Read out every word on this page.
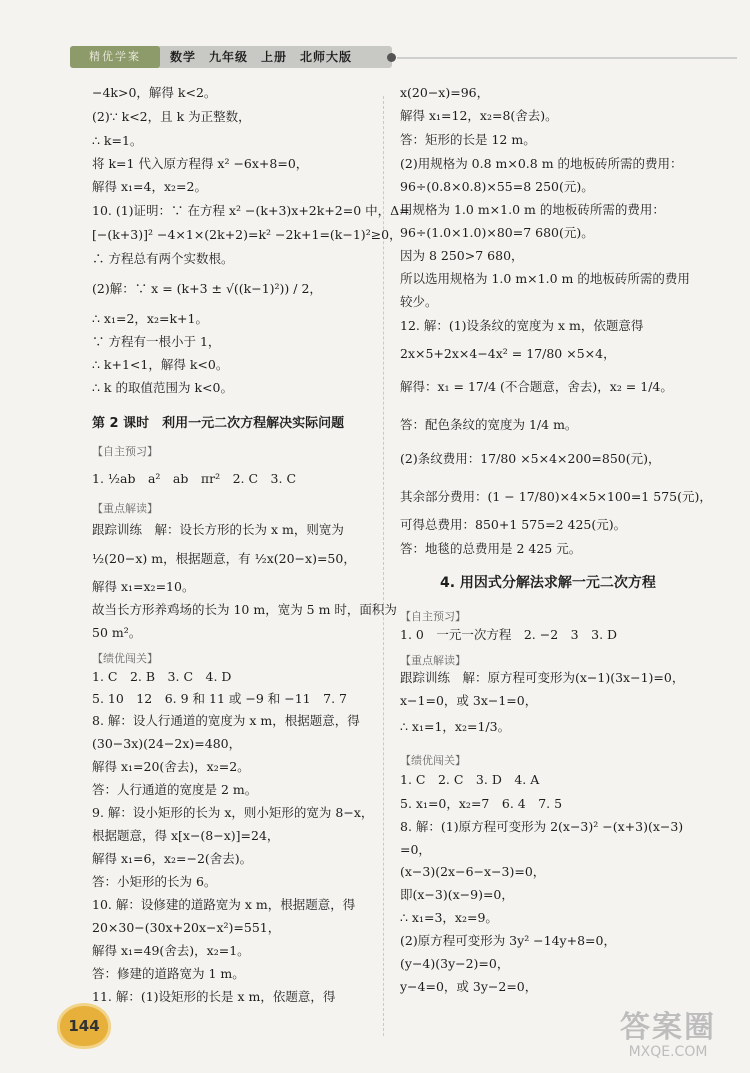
精优学案	数学　九年级　上册　北师大版
−4k>0，解得 k<2。
(2)∵ k<2，且 k 为正整数，
∴ k=1。
将 k=1 代入原方程得 x² −6x+8=0，
解得 x₁=4，x₂=2。
10. (1)证明：∵ 在方程 x² −(k+3)x+2k+2=0 中，Δ=
[−(k+3)]² −4×1×(2k+2)=k² −2k+1=(k−1)²≥0，
∴ 方程总有两个实数根。
(2)解：∵ x = (k+3 ± √((k−1)²)) / 2，
∴ x₁=2，x₂=k+1。
∵ 方程有一根小于 1，
∴ k+1<1，解得 k<0。
∴ k 的取值范围为 k<0。
第 2 课时　利用一元二次方程解决实际问题
【自主预习】
1. ½ab　a²　ab　πr²　2. C　3. C
【重点解读】
跟踪训练　解：设长方形的长为 x m，则宽为
½(20−x) m，根据题意，有 ½x(20−x)=50，
解得 x₁=x₂=10。
故当长方形养鸡场的长为 10 m，宽为 5 m 时，面积为
50 m²。
【绩优闯关】
1. C　2. B　3. C　4. D
5. 10　12　6. 9 和 11 或 −9 和 −11　7. 7
8. 解：设人行通道的宽度为 x m，根据题意，得
(30−3x)(24−2x)=480，
解得 x₁=20(舍去)，x₂=2。
答：人行通道的宽度是 2 m。
9. 解：设小矩形的长为 x，则小矩形的宽为 8−x，
根据题意，得 x[x−(8−x)]=24，
解得 x₁=6，x₂=−2(舍去)。
答：小矩形的长为 6。
10. 解：设修建的道路宽为 x m，根据题意，得
20×30−(30x+20x−x²)=551，
解得 x₁=49(舍去)，x₂=1。
答：修建的道路宽为 1 m。
11. 解：(1)设矩形的长是 x m，依题意，得
x(20−x)=96，
解得 x₁=12，x₂=8(舍去)。
答：矩形的长是 12 m。
(2)用规格为 0.8 m×0.8 m 的地板砖所需的费用：
96÷(0.8×0.8)×55=8 250(元)。
用规格为 1.0 m×1.0 m 的地板砖所需的费用：
96÷(1.0×1.0)×80=7 680(元)。
因为 8 250>7 680，
所以选用规格为 1.0 m×1.0 m 的地板砖所需的费用
较少。
12. 解：(1)设条纹的宽度为 x m，依题意得
2x×5+2x×4−4x² = 17/80 ×5×4，
解得：x₁ = 17/4 (不合题意，舍去)，x₂ = 1/4。
答：配色条纹的宽度为 1/4 m。
(2)条纹费用：17/80 ×5×4×200=850(元)，
其余部分费用：(1 − 17/80)×4×5×100=1 575(元)，
可得总费用：850+1 575=2 425(元)。
答：地毯的总费用是 2 425 元。
4. 用因式分解法求解一元二次方程
【自主预习】
1. 0　一元一次方程　2. −2　3　3. D
【重点解读】
跟踪训练　解：原方程可变形为(x−1)(3x−1)=0，
x−1=0，或 3x−1=0，
∴ x₁=1，x₂=1/3。
【绩优闯关】
1. C　2. C　3. D　4. A
5. x₁=0，x₂=7　6. 4　7. 5
8. 解：(1)原方程可变形为 2(x−3)² −(x+3)(x−3)
=0，
(x−3)(2x−6−x−3)=0，
即(x−3)(x−9)=0，
∴ x₁=3，x₂=9。
(2)原方程可变形为 3y² −14y+8=0，
(y−4)(3y−2)=0，
y−4=0，或 3y−2=0，
144	答案圈
MXQE.COM
